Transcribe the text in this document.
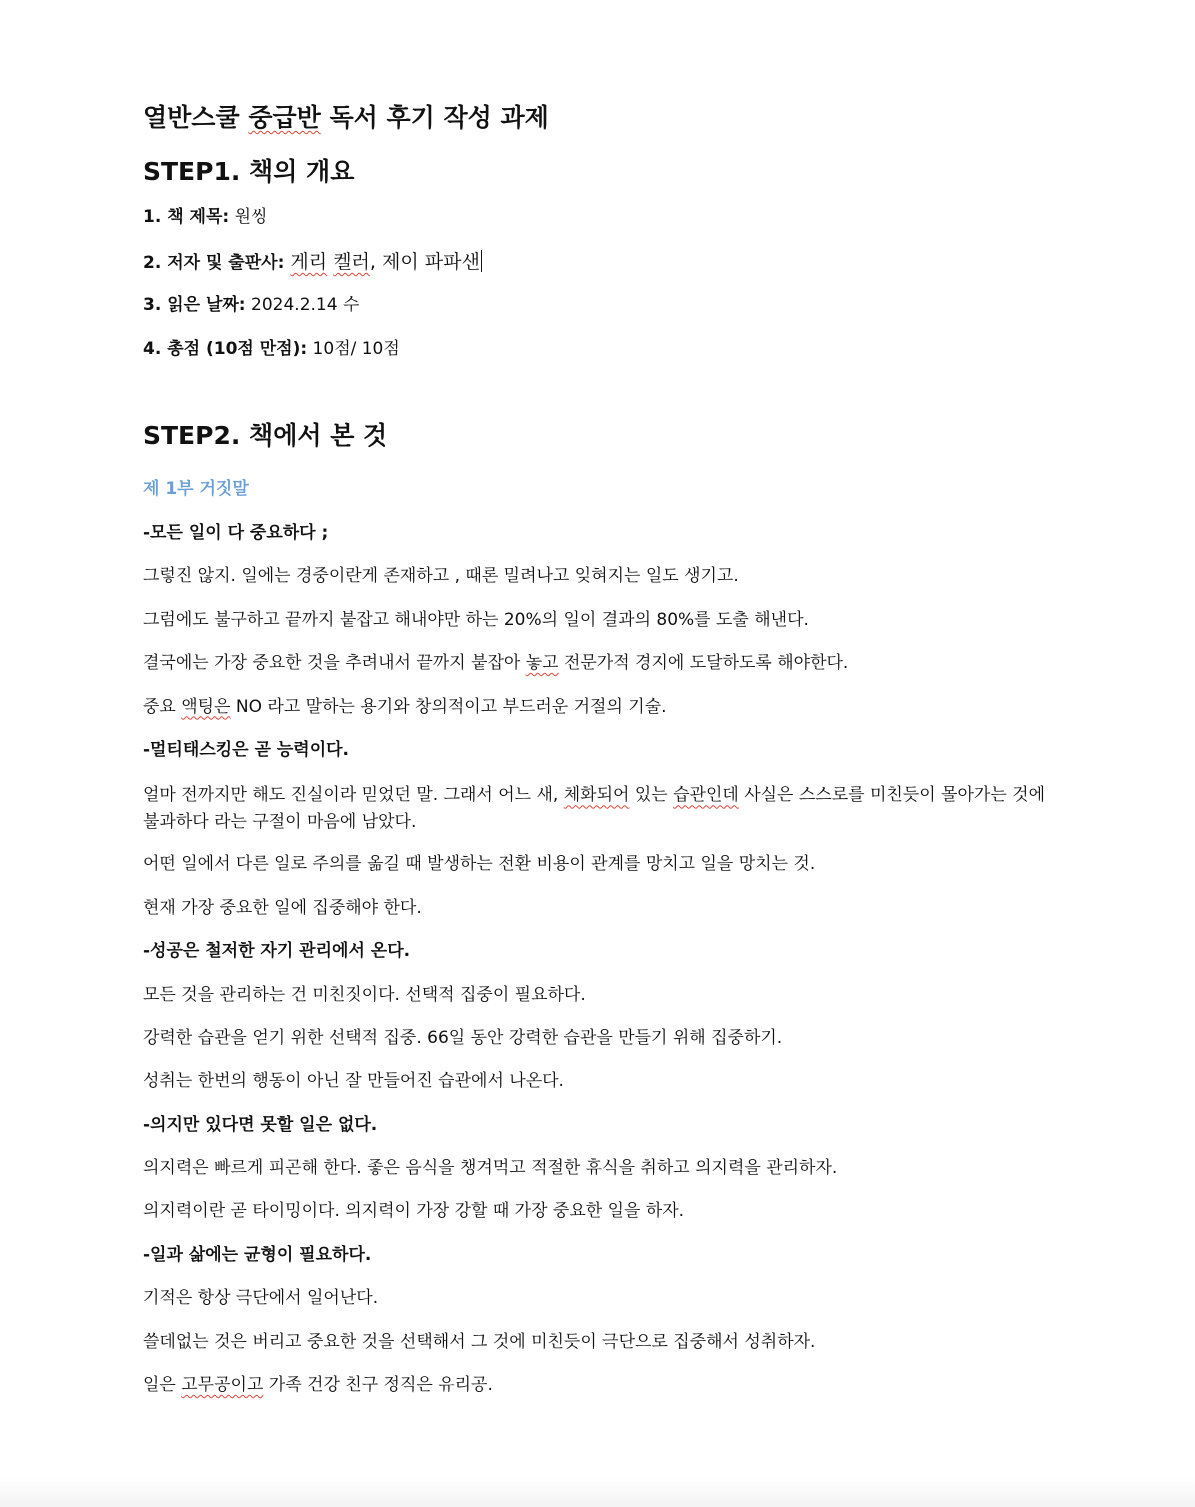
열반스쿨 중급반 독서 후기 작성 과제
STEP1. 책의 개요
1. 책 제목: 원씽
2. 저자 및 출판사: 게리 켈러, 제이 파파샌
3. 읽은 날짜: 2024.2.14 수
4. 총점 (10점 만점): 10점/ 10점
STEP2. 책에서 본 것
제 1부 거짓말
-모든 일이 다 중요하다 ;
그렇진 않지. 일에는 경중이란게 존재하고 , 때론 밀려나고 잊혀지는 일도 생기고.
그럼에도 불구하고 끝까지 붙잡고 해내야만 하는 20%의 일이 결과의 80%를 도출 해낸다.
결국에는 가장 중요한 것을 추려내서 끝까지 붙잡아 놓고 전문가적 경지에 도달하도록 해야한다.
중요 액팅은 NO 라고 말하는 용기와 창의적이고 부드러운 거절의 기술.
-멀티태스킹은 곧 능력이다.
얼마 전까지만 해도 진실이라 믿었던 말. 그래서 어느 새, 체화되어 있는 습관인데 사실은 스스로를 미친듯이 몰아가는 것에 불과하다 라는 구절이 마음에 남았다.
어떤 일에서 다른 일로 주의를 옮길 때 발생하는 전환 비용이 관계를 망치고 일을 망치는 것.
현재 가장 중요한 일에 집중해야 한다.
-성공은 철저한 자기 관리에서 온다.
모든 것을 관리하는 건 미친짓이다. 선택적 집중이 필요하다.
강력한 습관을 얻기 위한 선택적 집중. 66일 동안 강력한 습관을 만들기 위해 집중하기.
성취는 한번의 행동이 아닌 잘 만들어진 습관에서 나온다.
-의지만 있다면 못할 일은 없다.
의지력은 빠르게 피곤해 한다. 좋은 음식을 챙겨먹고 적절한 휴식을 취하고 의지력을 관리하자.
의지력이란 곧 타이밍이다. 의지력이 가장 강할 때 가장 중요한 일을 하자.
-일과 삶에는 균형이 필요하다.
기적은 항상 극단에서 일어난다.
쓸데없는 것은 버리고 중요한 것을 선택해서 그 것에 미친듯이 극단으로 집중해서 성취하자.
일은 고무공이고 가족 건강 친구 정직은 유리공.
